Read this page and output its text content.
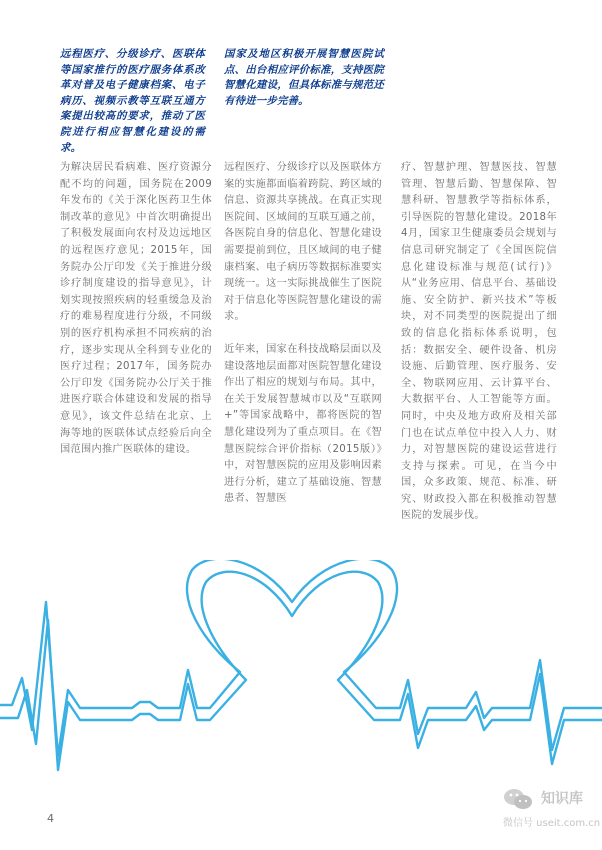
远程医疗、分级诊疗、医联体等国家推行的医疗服务体系改革对普及电子健康档案、电子病历、视频示教等互联互通方案提出较高的要求，推动了医院进行相应智慧化建设的需求。

国家及地区积极开展智慧医院试点、出台相应评价标准，支持医院智慧化建设，但具体标准与规范还有待进一步完善。

为解决居民看病难、医疗资源分配不均的问题，国务院在2009年发布的《关于深化医药卫生体制改革的意见》中首次明确提出了积极发展面向农村及边远地区的远程医疗意见；2015年，国务院办公厅印发《关于推进分级诊疗制度建设的指导意见》，计划实现按照疾病的轻重缓急及治疗的难易程度进行分级，不同级别的医疗机构承担不同疾病的治疗，逐步实现从全科到专业化的医疗过程；2017年，国务院办公厅印发《国务院办公厅关于推进医疗联合体建设和发展的指导意见》，该文件总结在北京、上海等地的医联体试点经验后向全国范围内推广医联体的建设。

远程医疗、分级诊疗以及医联体方案的实施都面临着跨院、跨区域的信息、资源共享挑战。在真正实现医院间、区域间的互联互通之前，各医院自身的信息化、智慧化建设需要提前到位，且区域间的电子健康档案、电子病历等数据标准要实现统一。这一实际挑战催生了医院对于信息化等医院智慧化建设的需求。

近年来，国家在科技战略层面以及建设落地层面都对医院智慧化建设作出了相应的规划与布局。其中，在关于发展智慧城市以及“互联网+”等国家战略中，都将医院的智慧化建设列为了重点项目。在《智慧医院综合评价指标（2015版）》中，对智慧医院的应用及影响因素进行分析，建立了基础设施、智慧患者、智慧医

疗、智慧护理、智慧医技、智慧管理、智慧后勤、智慧保障、智慧科研、智慧教学等指标体系，引导医院的智慧化建设。2018年4月，国家卫生健康委员会规划与信息司研究制定了《全国医院信息化建设标准与规范(试行)》从“业务应用、信息平台、基础设施、安全防护、新兴技术”等板块，对不同类型的医院提出了细致的信息化指标体系说明，包括：数据安全、硬件设备、机房设施、后勤管理、医疗服务、安全、物联网应用、云计算平台、大数据平台、人工智能等方面。同时，中央及地方政府及相关部门也在试点单位中投入人力、财力，对智慧医院的建设运营进行支持与探索。可见，在当今中国，众多政策、规范、标准、研究、财政投入都在积极推动智慧医院的发展步伐。

4
知识库
微信号 useit.com.cn
